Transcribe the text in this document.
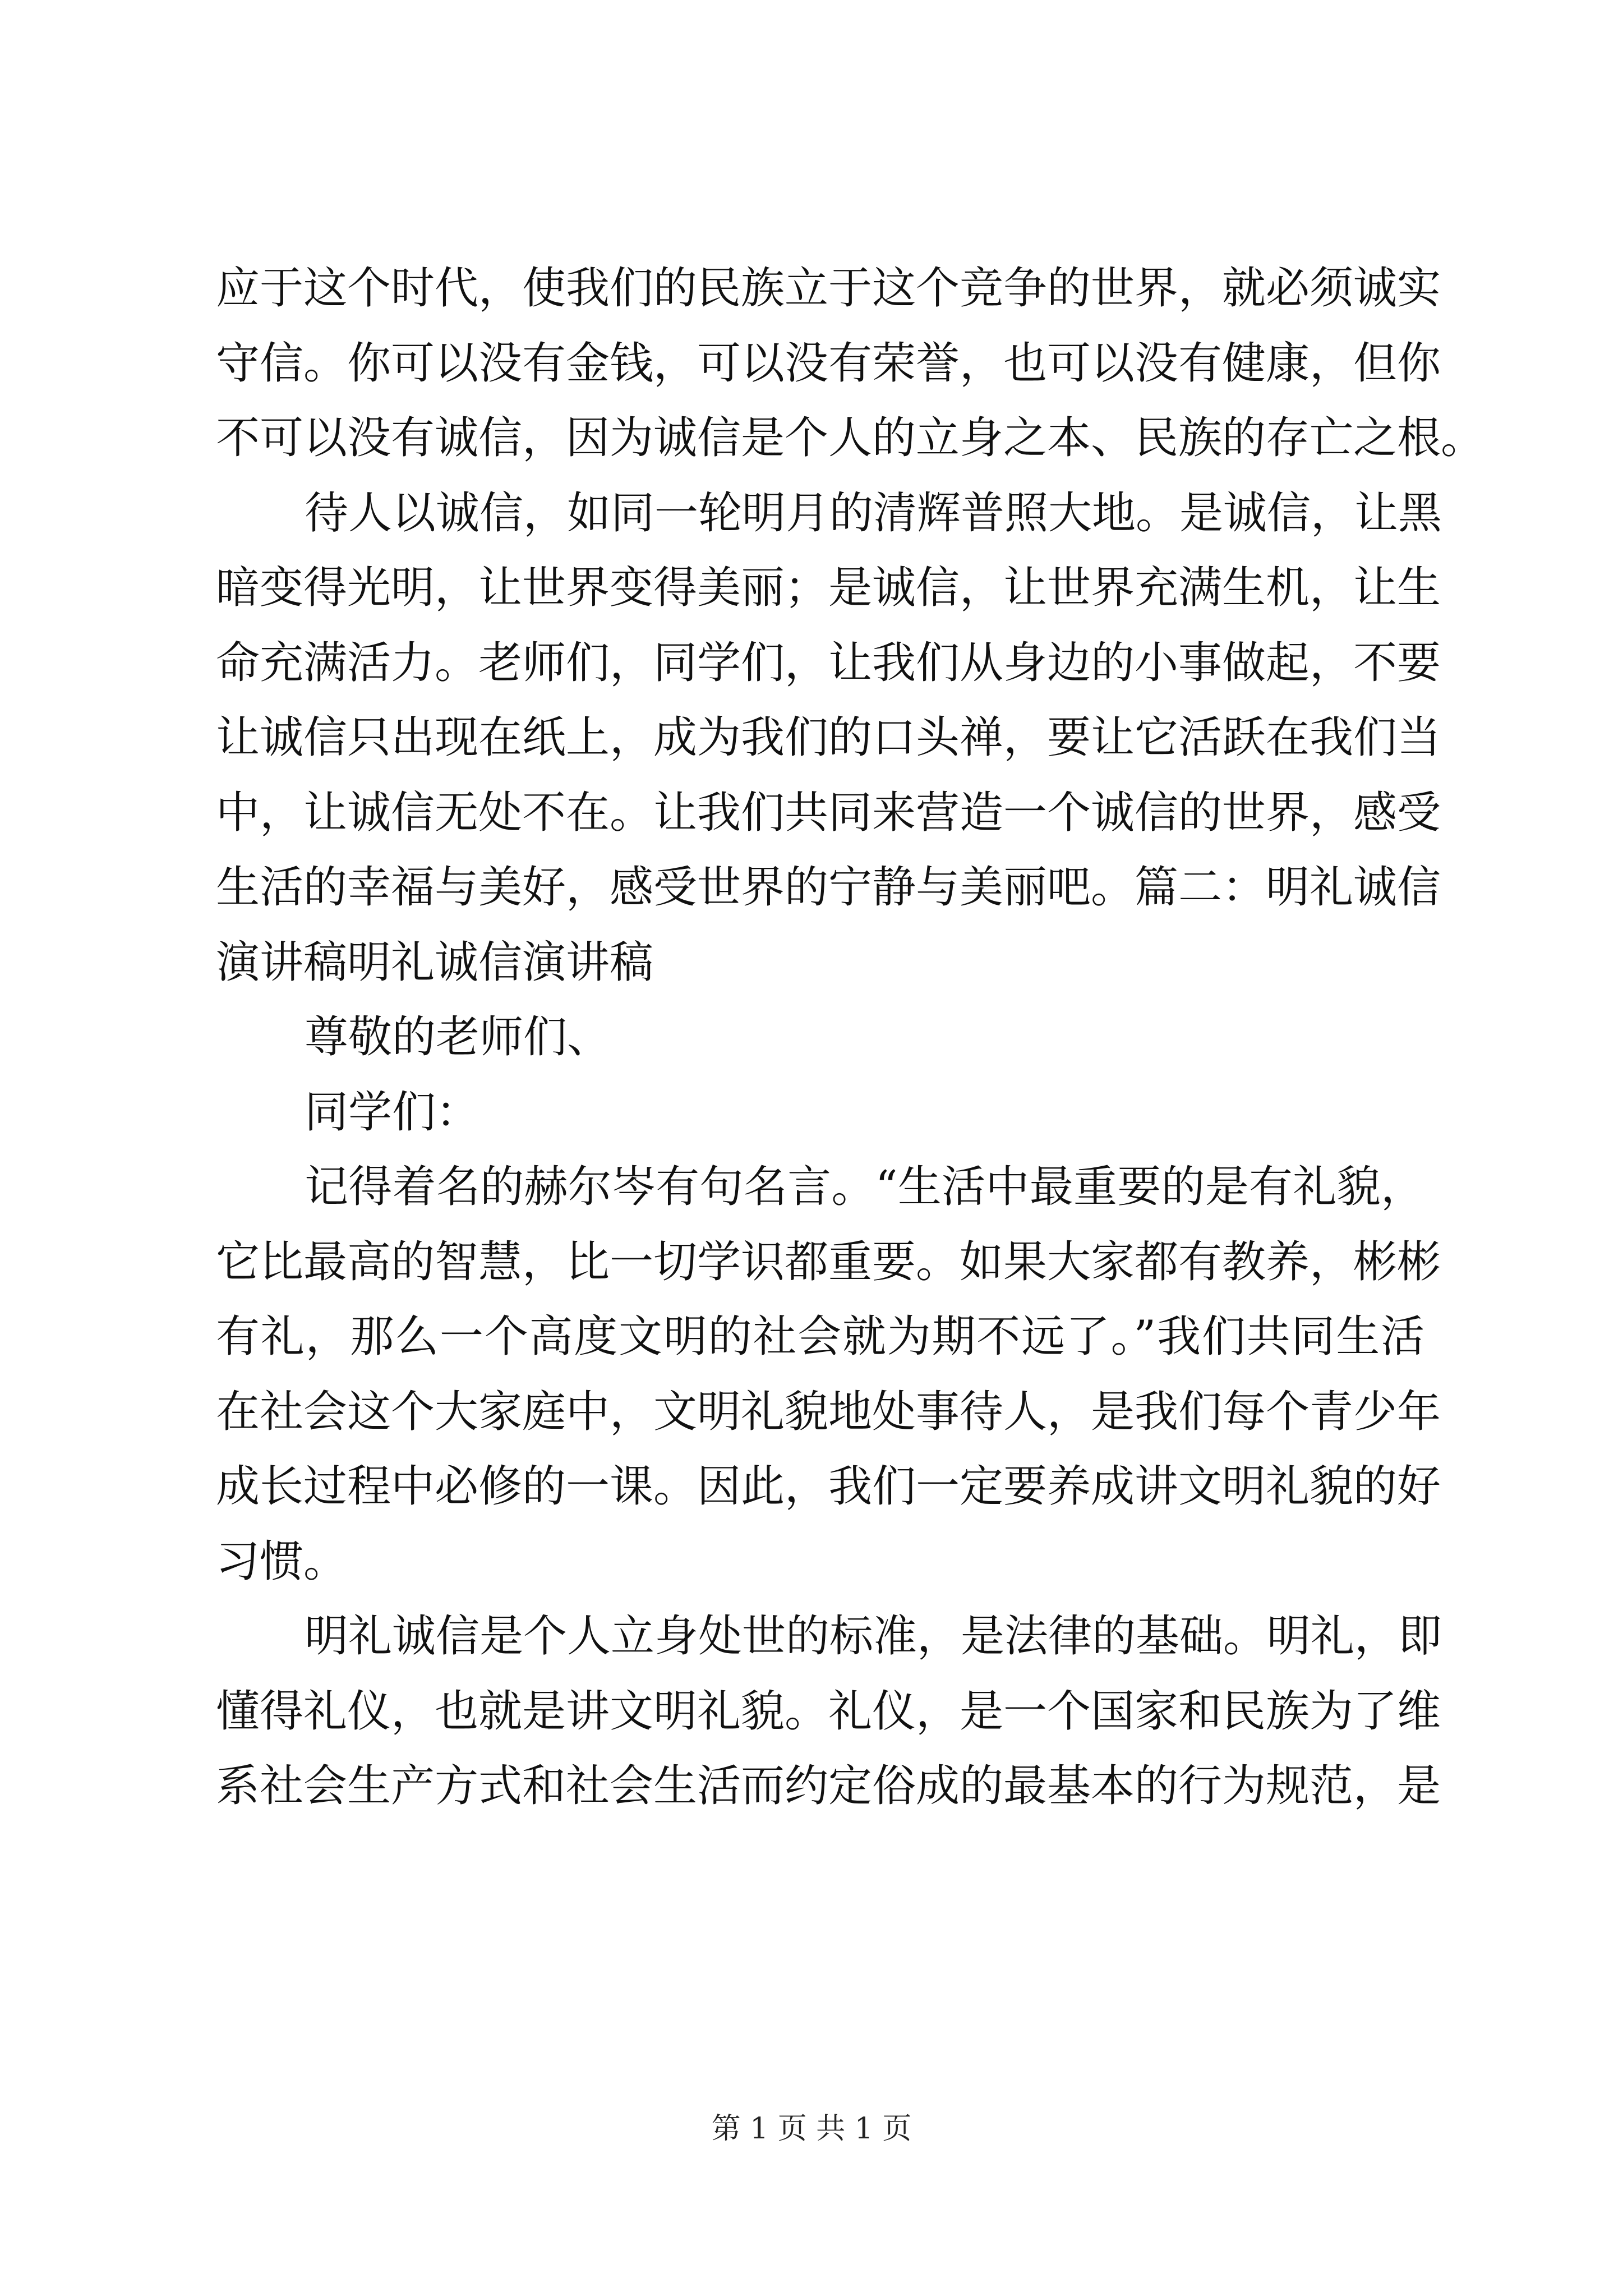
应于这个时代，使我们的民族立于这个竞争的世界，就必须诚实
守信。你可以没有金钱，可以没有荣誉，也可以没有健康，但你
不可以没有诚信，因为诚信是个人的立身之本、民族的存亡之根。
待人以诚信，如同一轮明月的清辉普照大地。是诚信，让黑
暗变得光明，让世界变得美丽；是诚信，让世界充满生机，让生
命充满活力。老师们，同学们，让我们从身边的小事做起，不要
让诚信只出现在纸上，成为我们的口头禅，要让它活跃在我们当
中，让诚信无处不在。让我们共同来营造一个诚信的世界，感受
生活的幸福与美好，感受世界的宁静与美丽吧。篇二：明礼诚信
演讲稿明礼诚信演讲稿
尊敬的老师们、
同学们：
记得着名的赫尔岑有句名言。“生活中最重要的是有礼貌，
它比最高的智慧，比一切学识都重要。如果大家都有教养，彬彬
有礼，那么一个高度文明的社会就为期不远了。”我们共同生活
在社会这个大家庭中，文明礼貌地处事待人，是我们每个青少年
成长过程中必修的一课。因此，我们一定要养成讲文明礼貌的好
习惯。
明礼诚信是个人立身处世的标准，是法律的基础。明礼，即
懂得礼仪，也就是讲文明礼貌。礼仪，是一个国家和民族为了维
系社会生产方式和社会生活而约定俗成的最基本的行为规范，是
第 1 页 共 1 页
